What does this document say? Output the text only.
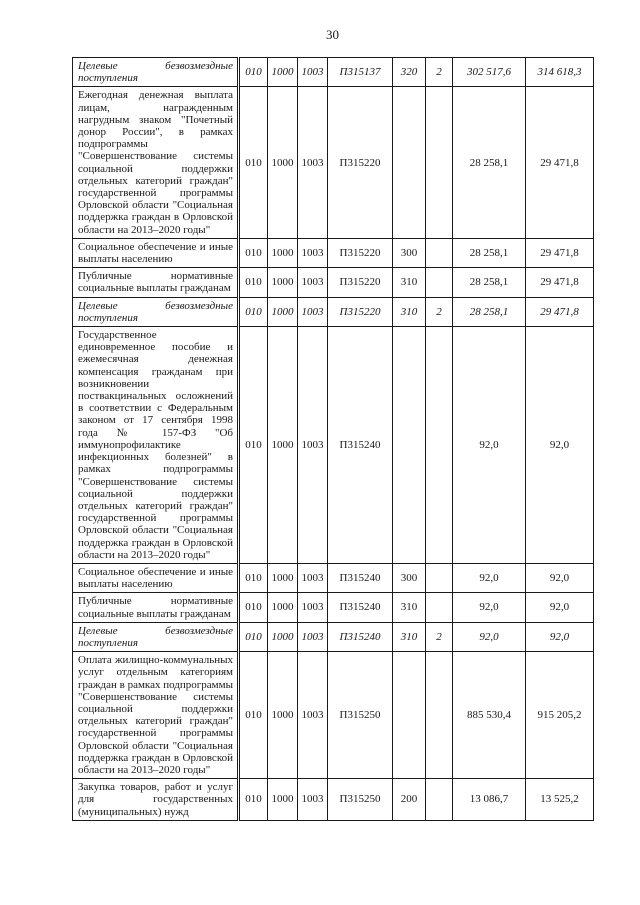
30
Целевые безвозмездные поступления	010	1000	1003	П315137	320	2	302 517,6	314 618,3
Ежегодная денежная выплата лицам, награжденным нагрудным знаком "Почетный донор России", в рамках подпрограммы "Совершенствование системы социальной поддержки отдельных категорий граждан" государственной программы Орловской области "Социальная поддержка граждан в Орловской области на 2013–2020 годы"	010	1000	1003	П315220			28 258,1	29 471,8
Социальное обеспечение и иные выплаты населению	010	1000	1003	П315220	300		28 258,1	29 471,8
Публичные нормативные социальные выплаты гражданам	010	1000	1003	П315220	310		28 258,1	29 471,8
Целевые безвозмездные поступления	010	1000	1003	П315220	310	2	28 258,1	29 471,8
Государственное единовременное пособие и ежемесячная денежная компенсация гражданам при возникновении поствакцинальных осложнений в соответствии с Федеральным законом от 17 сентября 1998 года № 157-ФЗ "Об иммунопрофилактике инфекционных болезней" в рамках подпрограммы "Совершенствование системы социальной поддержки отдельных категорий граждан" государственной программы Орловской области "Социальная поддержка граждан в Орловской области на 2013–2020 годы"	010	1000	1003	П315240			92,0	92,0
Социальное обеспечение и иные выплаты населению	010	1000	1003	П315240	300		92,0	92,0
Публичные нормативные социальные выплаты гражданам	010	1000	1003	П315240	310		92,0	92,0
Целевые безвозмездные поступления	010	1000	1003	П315240	310	2	92,0	92,0
Оплата жилищно-коммунальных услуг отдельным категориям граждан в рамках подпрограммы "Совершенствование системы социальной поддержки отдельных категорий граждан" государственной программы Орловской области "Социальная поддержка граждан в Орловской области на 2013–2020 годы"	010	1000	1003	П315250			885 530,4	915 205,2
Закупка товаров, работ и услуг для государственных (муниципальных) нужд	010	1000	1003	П315250	200		13 086,7	13 525,2
